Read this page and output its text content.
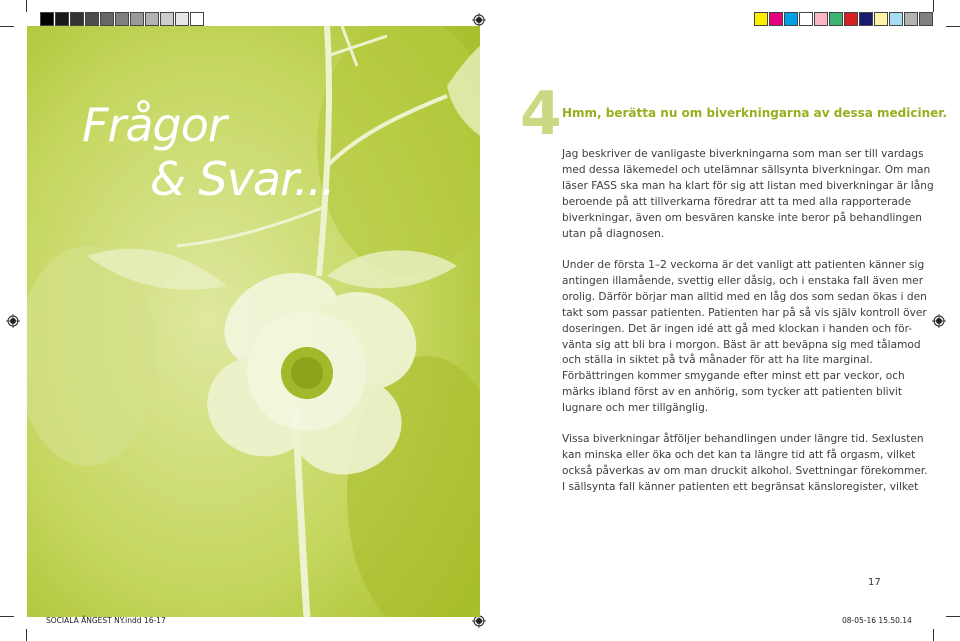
Frågor
& Svar...
4 Hmm, berätta nu om biverkningarna av dessa mediciner.
Jag beskriver de vanligaste biverkningarna som man ser till vardags
med dessa läkemedel och utelämnar sällsynta biverkningar. Om man
läser FASS ska man ha klart för sig att listan med biverkningar är lång
beroende på att tillverkarna föredrar att ta med alla rapporterade
biverkningar, även om besvären kanske inte beror på behandlingen
utan på diagnosen.
Under de första 1–2 veckorna är det vanligt att patienten känner sig
antingen illamående, svettig eller dåsig, och i enstaka fall även mer
orolig. Därför börjar man alltid med en låg dos som sedan ökas i den
takt som passar patienten. Patienten har på så vis själv kontroll över
doseringen. Det är ingen idé att gå med klockan i handen och för-
vänta sig att bli bra i morgon. Bäst är att beväpna sig med tålamod
och ställa in siktet på två månader för att ha lite marginal.
Förbättringen kommer smygande efter minst ett par veckor, och
märks ibland först av en anhörig, som tycker att patienten blivit
lugnare och mer tillgänglig.
Vissa biverkningar åtföljer behandlingen under längre tid. Sexlusten
kan minska eller öka och det kan ta längre tid att få orgasm, vilket
också påverkas av om man druckit alkohol. Svettningar förekommer.
I sällsynta fall känner patienten ett begränsat känsloregister, vilket
17
SOCIALA ÅNGEST NY.indd 16-17	08-05-16 15.50.14
